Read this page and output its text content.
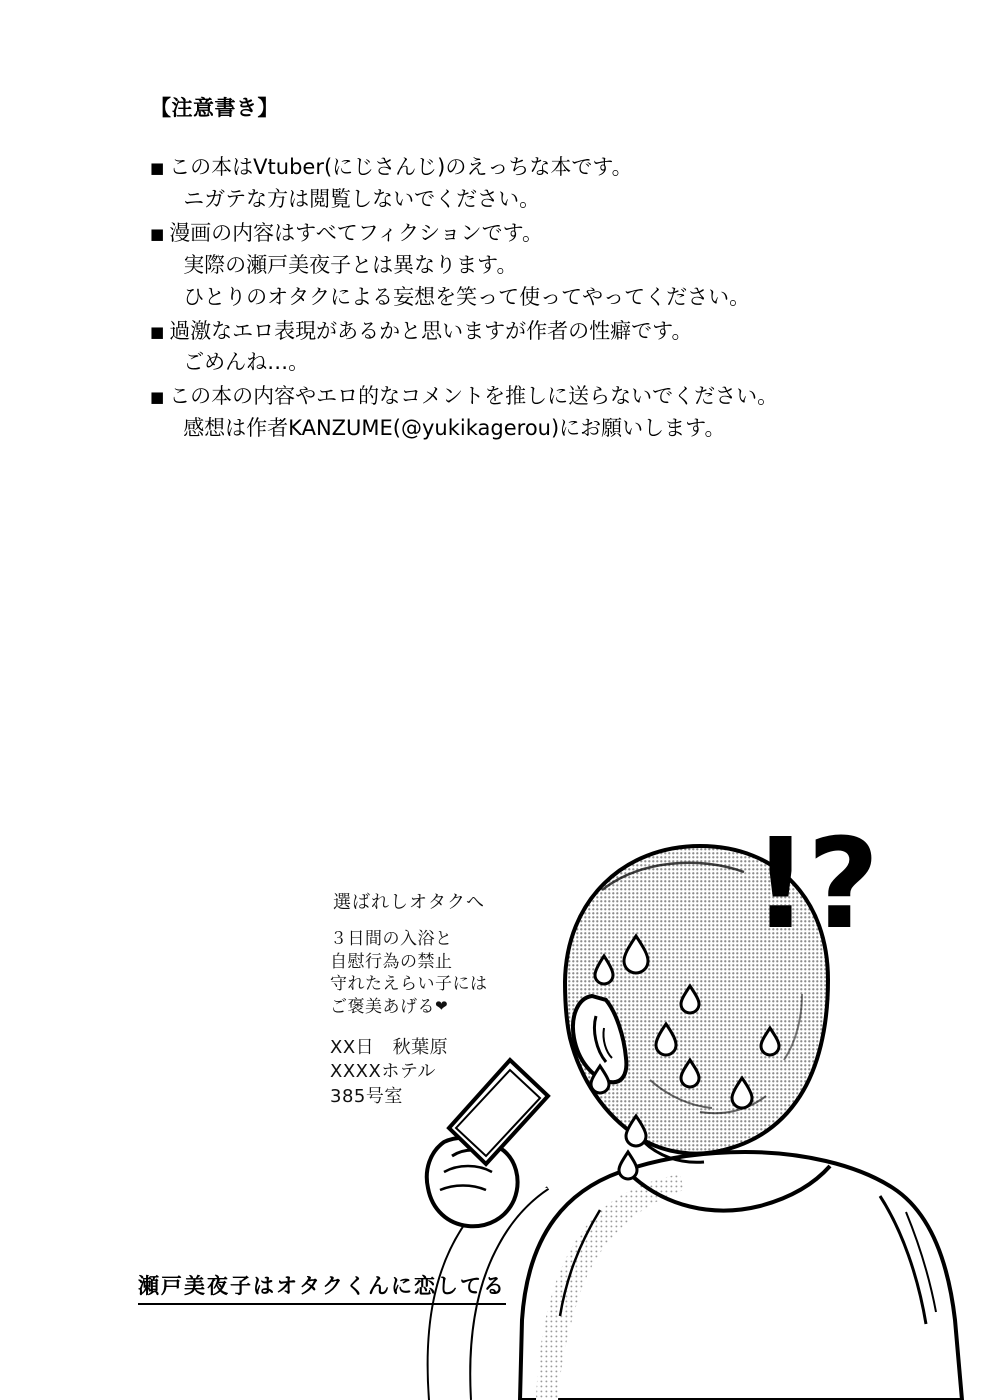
【注意書き】
■ この本はVtuber(にじさんじ)のえっちな本です。
ニガテな方は閲覧しないでください。
■ 漫画の内容はすべてフィクションです。
実際の瀬戸美夜子とは異なります。
ひとりのオタクによる妄想を笑って使ってやってください。
■ 過激なエロ表現があるかと思いますが作者の性癖です。
ごめんね…。
■ この本の内容やエロ的なコメントを推しに送らないでください。
感想は作者KANZUME(@yukikagerou)にお願いします。
選ばれしオタクへ
３日間の入浴と
自慰行為の禁止
守れたえらい子には
ご褒美あげる❤
XX日　秋葉原
XXXXホテル
385号室
!?
瀬戸美夜子はオタクくんに恋してる
